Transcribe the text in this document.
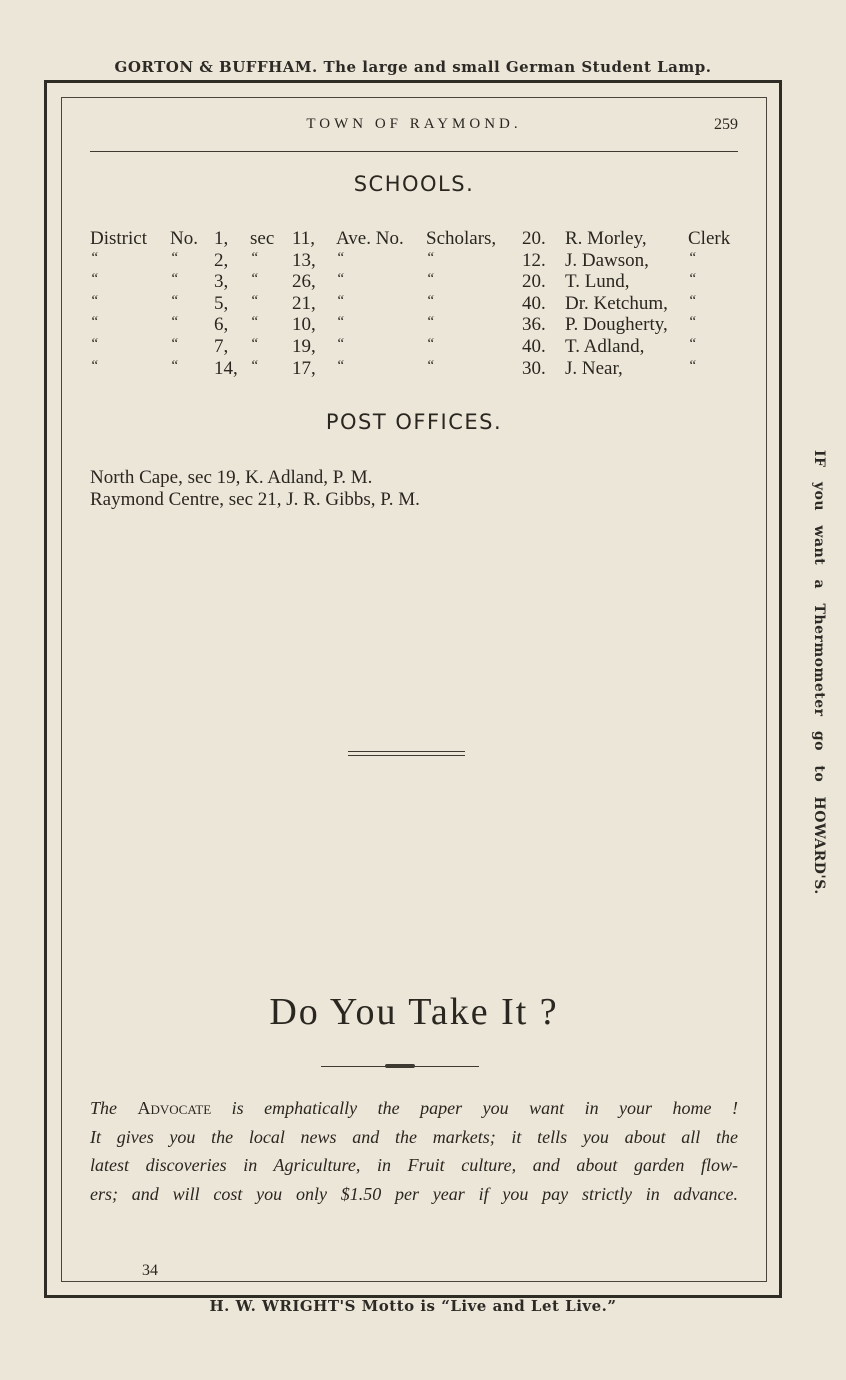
GORTON & BUFFHAM. The large and small German Student Lamp.
IF you want a Thermometer go to HOWARD'S.
TOWN OF RAYMOND.	259
SCHOOLS.
District No. 1, sec 11, Ave. No. Scholars, 20. R. Morley, Clerk
“	“ 2, “ 13, “	“	12. J. Dawson,	“
“	“ 3, “ 26, “	“	20. T. Lund,	“
“	“ 5, “ 21, “	“	40. Dr. Ketchum, “
“	“ 6, “ 10, “	“	36. P. Dougherty, “
“	“ 7, “ 19, “	“	40. T. Adland,	“
“	“ 14, “ 17, “	“	30. J. Near,	“
POST OFFICES.
North Cape, sec 19, K. Adland, P. M.
Raymond Centre, sec 21, J. R. Gibbs, P. M.
Do You Take It ?
The Advocate is emphatically the paper you want in your home !
It gives you the local news and the markets; it tells you about all the
latest discoveries in Agriculture, in Fruit culture, and about garden flow-
ers; and will cost you only $1.50 per year if you pay strictly in advance.
34
H. W. WRIGHT'S Motto is “Live and Let Live.”
